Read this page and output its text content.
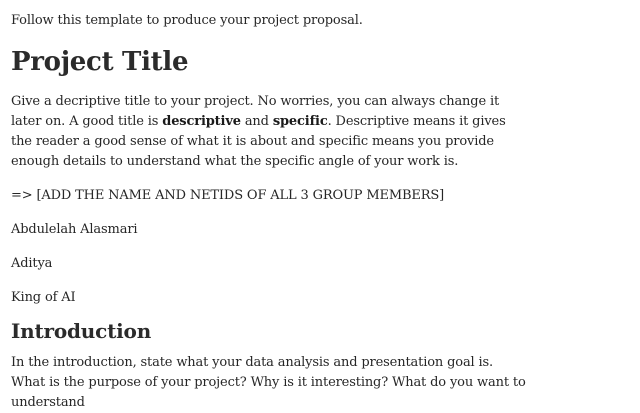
Follow this template to produce your project proposal.

Project Title

Give a decriptive title to your project. No worries, you can always change it later on. A good title is descriptive and specific. Descriptive means it gives the reader a good sense of what it is about and specific means you provide enough details to understand what the specific angle of your work is.

=> [ADD THE NAME AND NETIDS OF ALL 3 GROUP MEMBERS]

Abdulelah Alasmari

Aditya

King of AI

Introduction

In the introduction, state what your data analysis and presentation goal is. What is the purpose of your project? Why is it interesting? What do you want to understand
